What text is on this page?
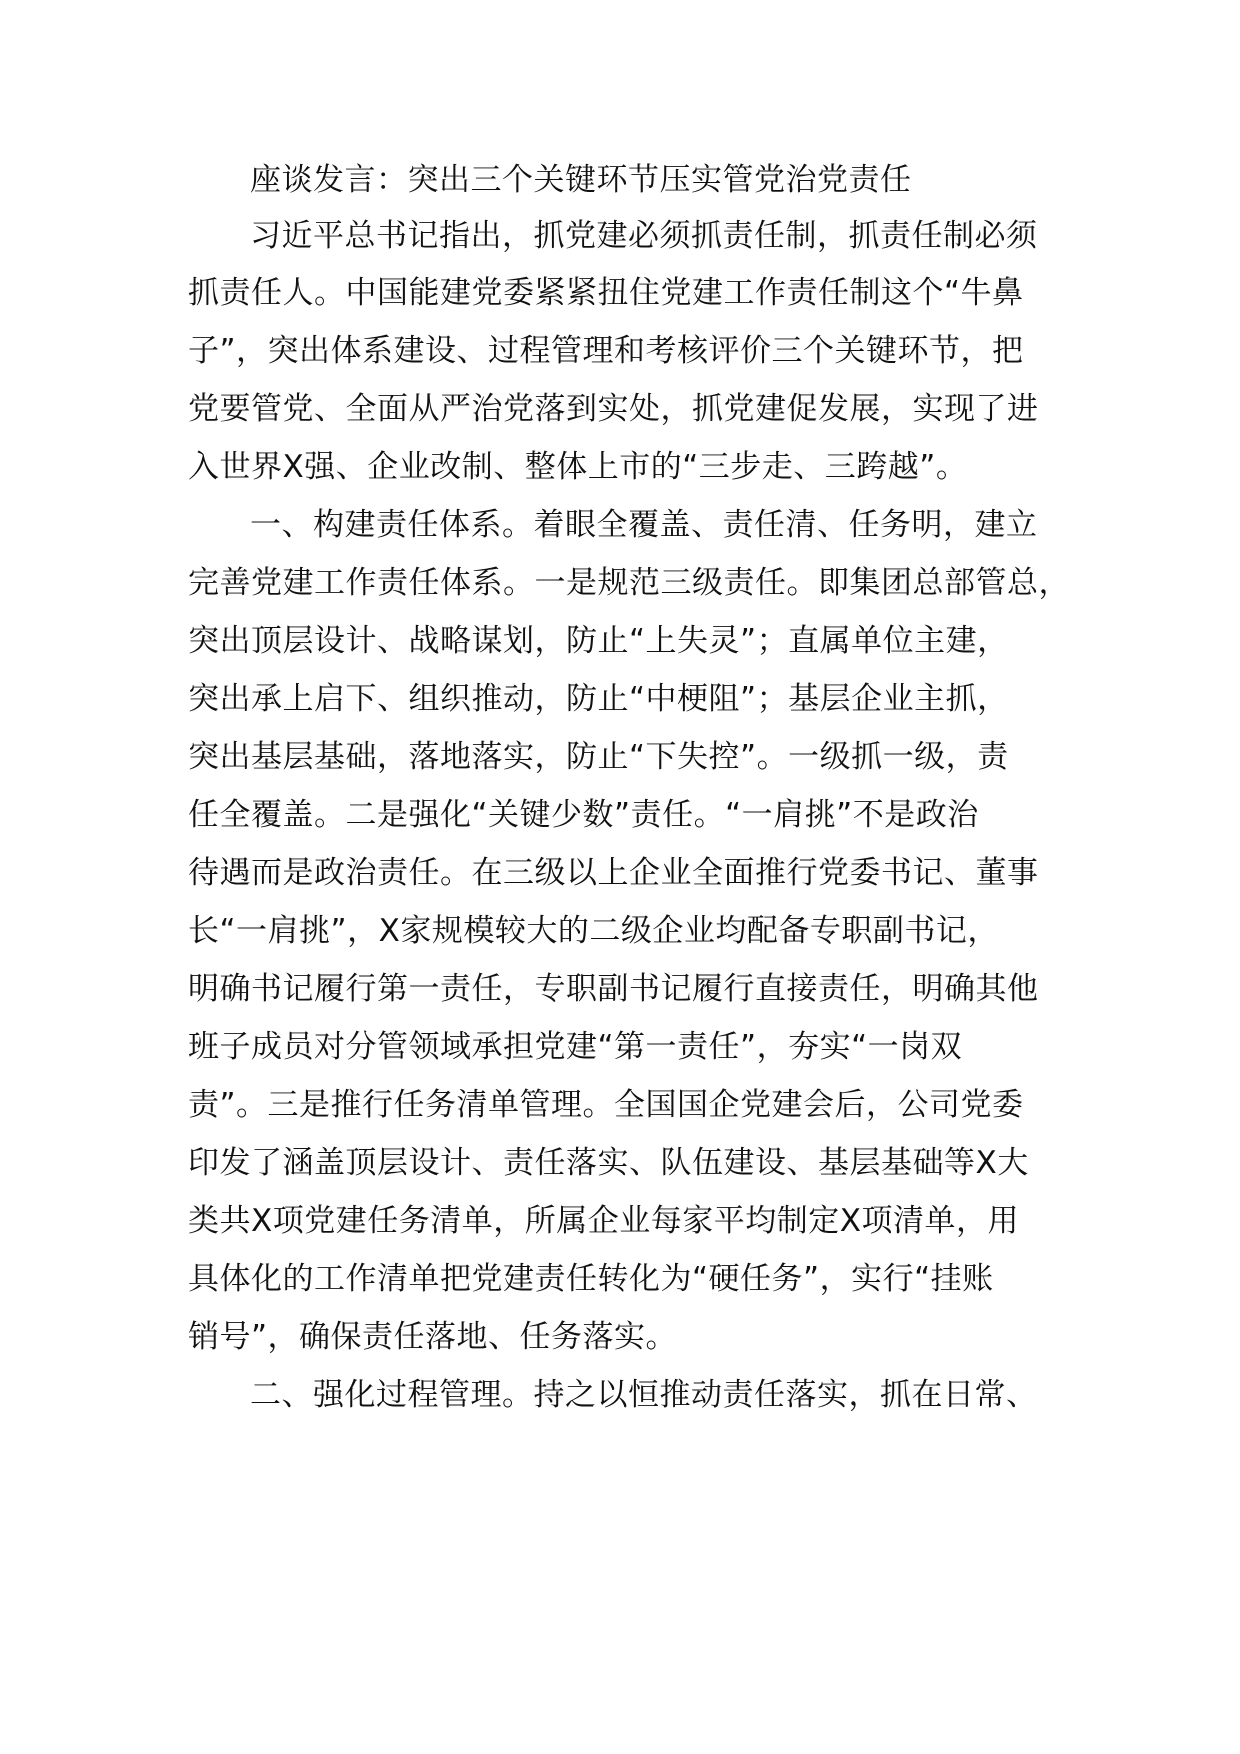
座谈发言：突出三个关键环节压实管党治党责任
习近平总书记指出，抓党建必须抓责任制，抓责任制必须
抓责任人。中国能建党委紧紧扭住党建工作责任制这个“牛鼻
子”，突出体系建设、过程管理和考核评价三个关键环节，把
党要管党、全面从严治党落到实处，抓党建促发展，实现了进
入世界X强、企业改制、整体上市的“三步走、三跨越”。
一、构建责任体系。着眼全覆盖、责任清、任务明，建立
完善党建工作责任体系。一是规范三级责任。即集团总部管总，
突出顶层设计、战略谋划，防止“上失灵”；直属单位主建，
突出承上启下、组织推动，防止“中梗阻”；基层企业主抓，
突出基层基础，落地落实，防止“下失控”。一级抓一级，责
任全覆盖。二是强化“关键少数”责任。“一肩挑”不是政治
待遇而是政治责任。在三级以上企业全面推行党委书记、董事
长“一肩挑”，X家规模较大的二级企业均配备专职副书记，
明确书记履行第一责任，专职副书记履行直接责任，明确其他
班子成员对分管领域承担党建“第一责任”，夯实“一岗双
责”。三是推行任务清单管理。全国国企党建会后，公司党委
印发了涵盖顶层设计、责任落实、队伍建设、基层基础等X大
类共X项党建任务清单，所属企业每家平均制定X项清单，用
具体化的工作清单把党建责任转化为“硬任务”，实行“挂账
销号”，确保责任落地、任务落实。
二、强化过程管理。持之以恒推动责任落实，抓在日常、
